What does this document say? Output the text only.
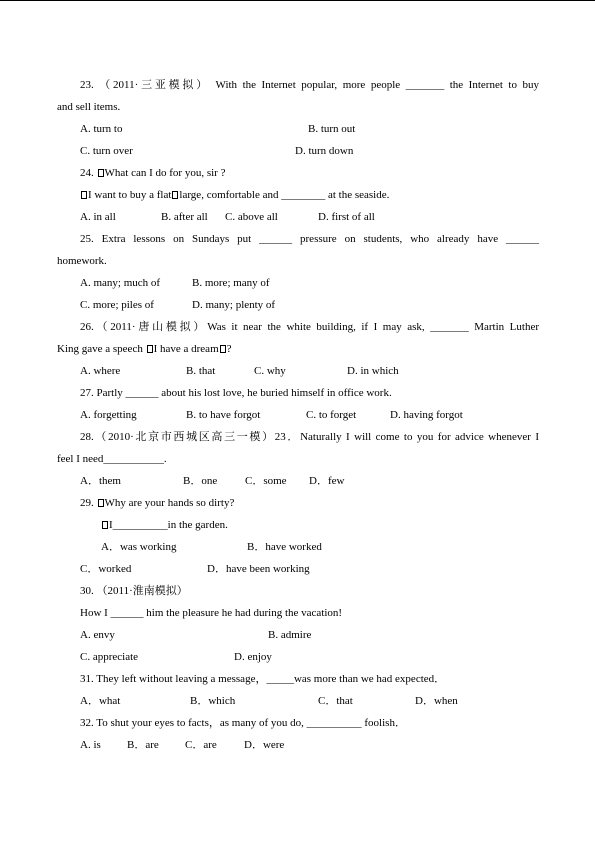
23. （2011·三亚模拟） With the Internet popular, more people _______ the Internet to buy
and sell items.
A. turn to	B. turn out
C. turn over	D. turn down
24. What can I do for you, sir ?
I want to buy a flat large, comfortable and ________ at the seaside.
A. in all	B. after all C. above all	D. first of all
25. Extra lessons on Sundays put ______ pressure on students, who already have ______
homework.
A. many; much of	B. more; many of
C. more; piles of	D. many; plenty of
26.（2011·唐山模拟）Was it near the white building, if I may ask, _______ Martin Luther
King gave a speech I have a dream ?
A. where	B. that	C. why	D. in which
27. Partly ______ about his lost love, he buried himself in office work.
A. forgetting	B. to have forgot	C. to forget	D. having forgot
28.（2010·北京市西城区高三一模）23．Naturally I will come to you for advice whenever I
feel I need___________.
A．them	B．one	C．some D．few
29. Why are your hands so dirty?
I__________in the garden.
A．was working	B．have worked
C．worked	D．have been working
30. （2011·淮南模拟）
How I ______ him the pleasure he had during the vacation!
A. envy	B. admire
C. appreciate	D. enjoy
31. They left without leaving a message，_____was more than we had expected．
A．what	B．which	C．that	D．when
32. To shut your eyes to facts，as many of you do, __________ foolish．
A. is B．are C．are D．were
